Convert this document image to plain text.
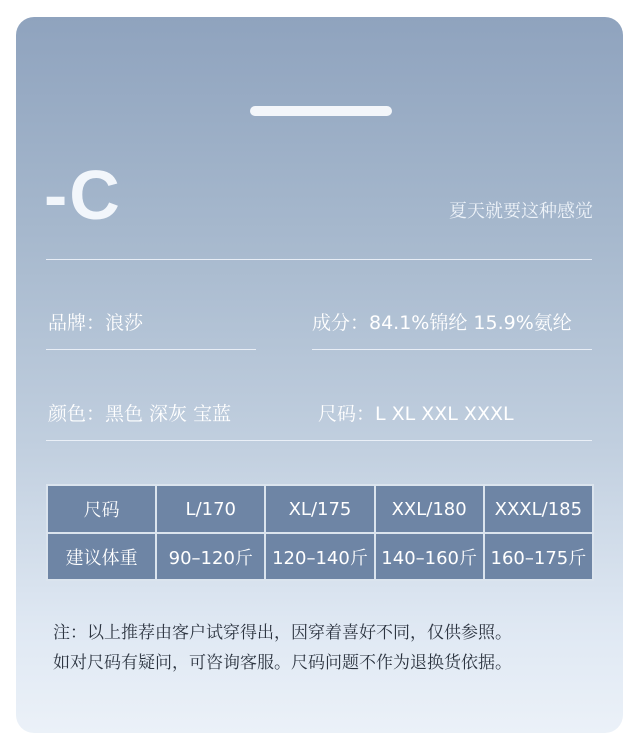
-C	夏天就要这种感觉
品牌：浪莎	成分：84.1%锦纶 15.9%氨纶
颜色：黑色 深灰 宝蓝	尺码：L XL XXL XXXL
尺码	L/170	XL/175	XXL/180	XXXL/185
建议体重	90–120斤	120–140斤	140–160斤	160–175斤
注：以上推荐由客户试穿得出，因穿着喜好不同，仅供参照。
如对尺码有疑问，可咨询客服。尺码问题不作为退换货依据。
